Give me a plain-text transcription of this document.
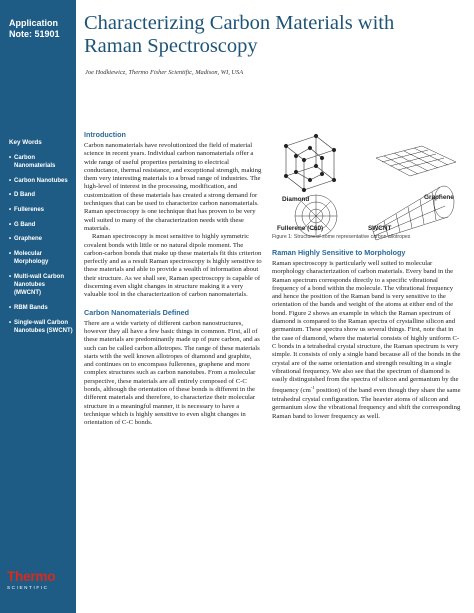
Application
Note: 51901
Key Words
• Carbon Nanomaterials
• Carbon Nanotubes
• D Band
• Fullerenes
• G Band
• Graphene
• Molecular Morphology
• Multi-wall Carbon Nanotubes (MWCNT)
• RBM Bands
• Single-wall Carbon Nanotubes (SWCNT)
Thermo
SCIENTIFIC
Characterizing Carbon Materials with
Raman Spectroscopy
Joe Hodkiewicz, Thermo Fisher Scientific, Madison, WI, USA
Introduction

Carbon nanomaterials have revolutionized the field of material science in recent years. Individual carbon nanomaterials offer a wide range of useful properties pertaining to electrical conductance, thermal resistance, and exceptional strength, making them very interesting materials to a broad range of industries. The high-level of interest in the processing, modification, and customization of these materials has created a strong demand for techniques that can be used to characterize carbon nanomaterials. Raman spectroscopy is one technique that has proven to be very well suited to many of the characterization needs with these materials.

Raman spectroscopy is most sensitive to highly symmetric covalent bonds with little or no natural dipole moment. The carbon-carbon bonds that make up these materials fit this criterion perfectly and as a result Raman spectroscopy is highly sensitive to these materials and able to provide a wealth of information about their structure. As we shall see, Raman spectroscopy is capable of discerning even slight changes in structure making it a very valuable tool in the characterization of carbon nanomaterials.

Carbon Nanomaterials Defined

There are a wide variety of different carbon nanostructures, however they all have a few basic things in common. First, all of these materials are predominantly made up of pure carbon, and as such can be called carbon allotropes. The range of these materials starts with the well known allotropes of diamond and graphite, and continues on to encompass fullerenes, graphene and more complex structures such as carbon nanotubes. From a molecular perspective, these materials are all entirely composed of C-C bonds, although the orientation of these bonds is different in the different materials and therefore, to characterize their molecular structure in a meaningful manner, it is necessary to have a technique which is highly sensitive to even slight changes in orientation of C-C bonds.

Diamond	Graphene
Fullerene (C60)	SWCNT
Figure 1: Structure of some representative carbon allotropes
Raman Highly Sensitive to Morphology

Raman spectroscopy is particularly well suited to molecular morphology characterization of carbon materials. Every band in the Raman spectrum corresponds directly to a specific vibrational frequency of a bond within the molecule. The vibrational frequency and hence the position of the Raman band is very sensitive to the orientation of the bands and weight of the atoms at either end of the bond. Figure 2 shows an example in which the Raman spectrum of diamond is compared to the Raman spectra of crystalline silicon and germanium. These spectra show us several things. First, note that in the case of diamond, where the material consists of highly uniform C-C bonds in a tetrahedral crystal structure, the Raman spectrum is very simple. It consists of only a single band because all of the bonds in the crystal are of the same orientation and strength resulting in a single vibrational frequency. We also see that the spectrum of diamond is easily distinguished from the spectra of silicon and germanium by the frequency ($cm^{-1}$ position) of the band even though they share the same tetrahedral crystal configuration. The heavier atoms of silicon and germanium slow the vibrational frequency and shift the corresponding Raman band to lower frequency as well.
